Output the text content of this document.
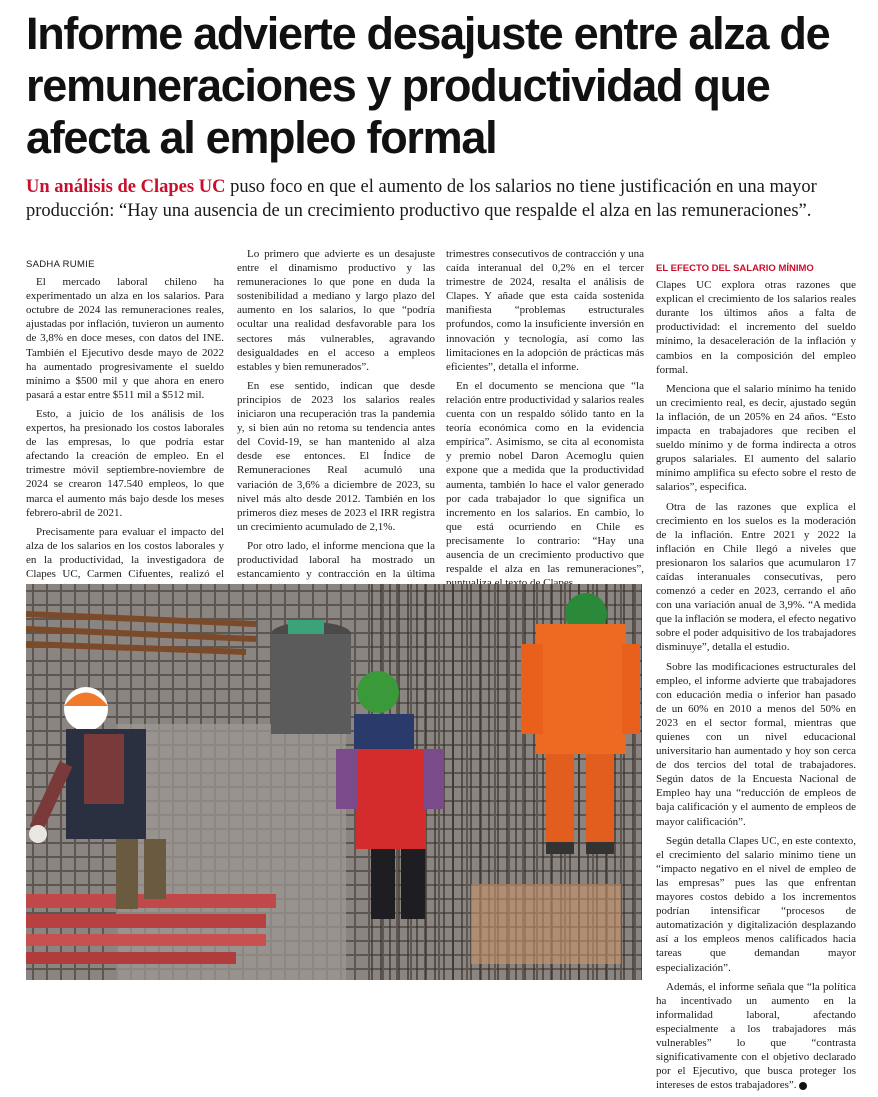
Informe advierte desajuste entre alza de remuneraciones y productividad que afecta al empleo formal

Un análisis de Clapes UC puso foco en que el aumento de los salarios no tiene justificación en una mayor producción: “Hay una ausencia de un crecimiento productivo que respalde el alza en las remuneraciones”.

SADHA RUMIE

El mercado laboral chileno ha experimentado un alza en los salarios. Para octubre de 2024 las remuneraciones reales, ajustadas por inflación, tuvieron un aumento de 3,8% en doce meses, con datos del INE. También el Ejecutivo desde mayo de 2022 ha aumentado progresivamente el sueldo mínimo a $500 mil y que ahora en enero pasará a estar entre $511 mil a $512 mil.

Esto, a juicio de los análisis de los expertos, ha presionado los costos laborales de las empresas, lo que podría estar afectando la creación de empleo. En el trimestre móvil septiembre-noviembre de 2024 se crearon 147.540 empleos, lo que marca el aumento más bajo desde los meses febrero-abril de 2021.

Precisamente para evaluar el impacto del alza de los salarios en los costos laborales y en la productividad, la investigadora de Clapes UC, Carmen Cifuentes, realizó el

Lo primero que advierte es un desajuste entre el dinamismo productivo y las remuneraciones lo que pone en duda la sostenibilidad a mediano y largo plazo del aumento en los salarios, lo que “podría ocultar una realidad desfavorable para los sectores más vulnerables, agravando desigualdades en el acceso a empleos estables y bien remunerados”.

En ese sentido, indican que desde principios de 2023 los salarios reales iniciaron una recuperación tras la pandemia y, si bien aún no retoma su tendencia antes del Covid-19, se han mantenido al alza desde ese entonces. El Índice de Remuneraciones Real acumuló una variación de 3,6% a diciembre de 2023, su nivel más alto desde 2012. También en los primeros diez meses de 2023 el IRR registra un crecimiento acumulado de 2,1%.

Por otro lado, el informe menciona que la productividad laboral ha mostrado un estancamiento y contracción en la última

trimestres consecutivos de contracción y una caída interanual del 0,2% en el tercer trimestre de 2024, resalta el análisis de Clapes. Y añade que esta caída sostenida manifiesta “problemas estructurales profundos, como la insuficiente inversión en innovación y tecnología, así como las limitaciones en la adopción de prácticas más eficientes”, detalla el informe.

En el documento se menciona que “la relación entre productividad y salarios reales cuenta con un respaldo sólido tanto en la teoría económica como en la evidencia empírica”. Asimismo, se cita al economista y premio nobel Daron Acemoglu quien expone que a medida que la productividad aumenta, también lo hace el valor generado por cada trabajador lo que significa un incremento en los salarios. En cambio, lo que está ocurriendo en Chile es precisamente lo contrario: “Hay una ausencia de un crecimiento productivo que respalde el alza en las remuneraciones”,

EL EFECTO DEL SALARIO MÍNIMO

Clapes UC explora otras razones que explican el crecimiento de los salarios reales durante los últimos años a falta de productividad: el incremento del sueldo mínimo, la desaceleración de la inflación y cambios en la composición del empleo formal.

Menciona que el salario mínimo ha tenido un crecimiento real, es decir, ajustado según la inflación, de un 205% en 24 años. “Esto impacta en trabajadores que reciben el sueldo mínimo y de forma indirecta a otros grupos salariales. El aumento del salario mínimo amplifica su efecto sobre el resto de salarios”, especifica.

Otra de las razones que explica el crecimiento en los suelos es la moderación de la inflación. Entre 2021 y 2022 la inflación en Chile llegó a niveles que presionaron los salarios que acumularon 17 caídas interanuales consecutivas, pero comenzó a ceder en 2023, cerrando el año con una variación anual de 3,9%. “A medida que la inflación se modera, el efecto negativo sobre el poder adquisitivo de los trabajadores disminuye”, detalla el estudio.

Sobre las modificaciones estructurales del empleo, el informe advierte que trabajadores con educación media o inferior han pasado de un 60% en 2010 a menos del 50% en 2023 en el sector formal, mientras que quienes con un nivel educacional universitario han aumentado y hoy son cerca de dos tercios del total de trabajadores. Según datos de la Encuesta Nacional de Empleo hay una “reducción de empleos de baja calificación y el aumento de empleos de mayor calificación”.

Según detalla Clapes UC, en este contexto, el crecimiento del salario mínimo tiene un “impacto negativo en el nivel de empleo de las empresas” pues las que enfrentan mayores costos debido a los incrementos podrían intensificar “procesos de automatización y digitalización desplazando así a los empleos menos calificados hacia tareas que demandan mayor especialización”.

Además, el informe señala que “la política ha incentivado un aumento en la informalidad laboral, afectando especialmente a los trabajadores más vulnerables” lo que “contrasta significativamente con el objetivo declarado por el Ejecutivo, que busca proteger los intereses de estos trabajadores”.
